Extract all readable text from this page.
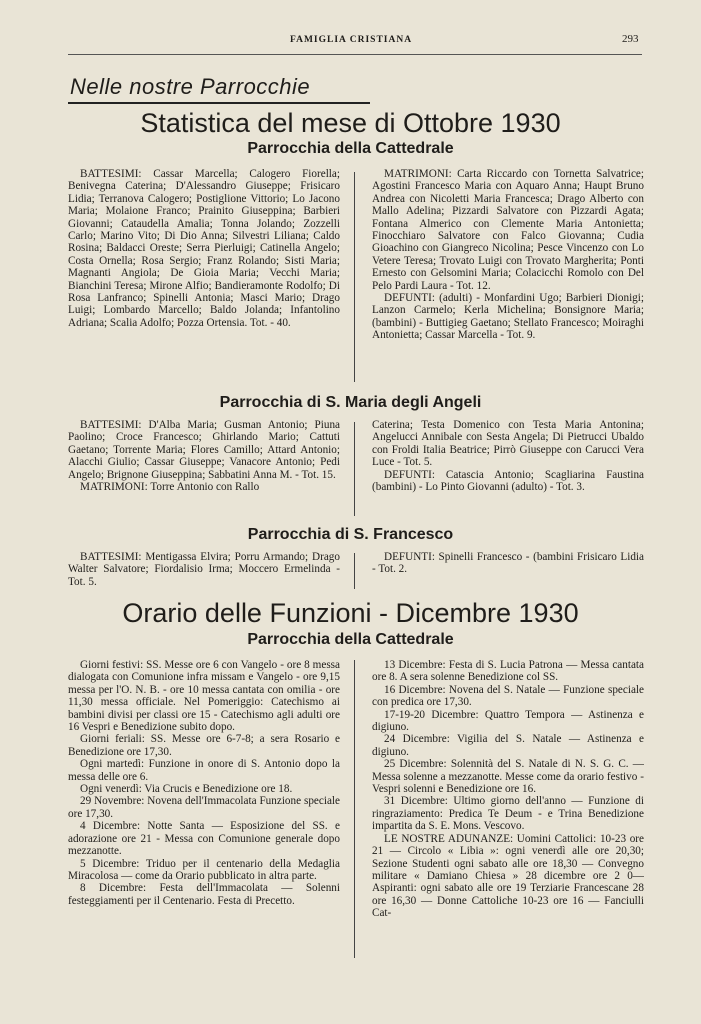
FAMIGLIA CRISTIANA	293
Nelle nostre Parrocchie
Statistica del mese di Ottobre 1930
Parrocchia della Cattedrale

BATTESIMI: Cassar Marcella; Calogero Fiorella; Benivegna Caterina; D'Alessandro Giuseppe; Frisicaro Lidia; Terranova Calogero; Postiglione Vittorio; Lo Jacono Maria; Molaione Franco; Prainito Giuseppina; Barbieri Giovanni; Cataudella Amalia; Tonna Jolando; Zozzelli Carlo; Marino Vito; Di Dio Anna; Silvestri Liliana; Caldo Rosina; Baldacci Oreste; Serra Pierluigi; Catinella Angelo; Costa Ornella; Rosa Sergio; Franz Rolando; Sisti Maria; Magnanti Angiola; De Gioia Maria; Vecchi Maria; Bianchini Teresa; Mirone Alfio; Bandieramonte Rodolfo; Di Rosa Lanfranco; Spinelli Antonia; Masci Mario; Drago Luigi; Lombardo Marcello; Baldo Jolanda; Infantolino Adriana; Scalia Adolfo; Pozza Ortensia. Tot. - 40.

MATRIMONI: Carta Riccardo con Tornetta Salvatrice; Agostini Francesco Maria con Aquaro Anna; Haupt Bruno Andrea con Nicoletti Maria Francesca; Drago Alberto con Mallo Adelina; Pizzardi Salvatore con Pizzardi Agata; Fontana Almerico con Clemente Maria Antonietta; Finocchiaro Salvatore con Falco Giovanna; Cudia Gioachino con Giangreco Nicolina; Pesce Vincenzo con Lo Vetere Teresa; Trovato Luigi con Trovato Margherita; Ponti Ernesto con Gelsomini Maria; Colacicchi Romolo con Del Pelo Pardi Laura - Tot. 12.

DEFUNTI: (adulti) - Monfardini Ugo; Barbieri Dionigi; Lanzon Carmelo; Kerla Michelina; Bonsignore Maria; (bambini) - Buttigieg Gaetano; Stellato Francesco; Moiraghi Antonietta; Cassar Marcella - Tot. 9.

Parrocchia di S. Maria degli Angeli

BATTESIMI: D'Alba Maria; Gusman Antonio; Piuna Paolino; Croce Francesco; Ghirlando Mario; Cattuti Gaetano; Torrente Maria; Flores Camillo; Attard Antonio; Alacchi Giulio; Cassar Giuseppe; Vanacore Antonio; Pedi Angelo; Brignone Giuseppina; Sabbatini Anna M. - Tot. 15.

MATRIMONI: Torre Antonio con Rallo

Caterina; Testa Domenico con Testa Maria Antonina; Angelucci Annibale con Sesta Angela; Di Pietrucci Ubaldo con Froldi Italia Beatrice; Pirrò Giuseppe con Carucci Vera Luce - Tot. 5.

DEFUNTI: Catascia Antonio; Scagliarina Faustina (bambini) - Lo Pinto Giovanni (adulto) - Tot. 3.

Parrocchia di S. Francesco

BATTESIMI: Mentigassa Elvira; Porru Armando; Drago Walter Salvatore; Fiordalisio Irma; Moccero Ermelinda - Tot. 5.

DEFUNTI: Spinelli Francesco - (bambini Frisicaro Lidia - Tot. 2.

Orario delle Funzioni - Dicembre 1930
Parrocchia della Cattedrale

Giorni festivi: SS. Messe ore 6 con Vangelo - ore 8 messa dialogata con Comunione infra missam e Vangelo - ore 9,15 messa per l'O. N. B. - ore 10 messa cantata con omilia - ore 11,30 messa officiale. Nel Pomeriggio: Catechismo ai bambini divisi per classi ore 15 - Catechismo agli adulti ore 16 Vespri e Benedizione subito dopo.

Giorni feriali: SS. Messe ore 6-7-8; a sera Rosario e Benedizione ore 17,30.

Ogni martedì: Funzione in onore di S. Antonio dopo la messa delle ore 6.

Ogni venerdì: Via Crucis e Benedizione ore 18.

29 Novembre: Novena dell'Immacolata Funzione speciale ore 17,30.

4 Dicembre: Notte Santa — Esposizione del SS. e adorazione ore 21 - Messa con Comunione generale dopo mezzanotte.

5 Dicembre: Triduo per il centenario della Medaglia Miracolosa — come da Orario pubblicato in altra parte.

8 Dicembre: Festa dell'Immacolata — Solenni festeggiamenti per il Centenario. Festa di Precetto.

13 Dicembre: Festa di S. Lucia Patrona — Messa cantata ore 8. A sera solenne Benedizione col SS.

16 Dicembre: Novena del S. Natale — Funzione speciale con predica ore 17,30.

17-19-20 Dicembre: Quattro Tempora — Astinenza e digiuno.

24 Dicembre: Vigilia del S. Natale — Astinenza e digiuno.

25 Dicembre: Solennità del S. Natale di N. S. G. C. — Messa solenne a mezzanotte. Messe come da orario festivo - Vespri solenni e Benedizione ore 16.

31 Dicembre: Ultimo giorno dell'anno — Funzione di ringraziamento: Predica Te Deum - e Trina Benedizione impartita da S. E. Mons. Vescovo.

LE NOSTRE ADUNANZE: Uomini Cattolici: 10-23 ore 21 — Circolo « Libia »: ogni venerdì alle ore 20,30; Sezione Studenti ogni sabato alle ore 18,30 — Convegno militare « Damiano Chiesa » 28 dicembre ore 2 0— Aspiranti: ogni sabato alle ore 19 Terziarie Francescane 28 ore 16,30 — Donne Cattoliche 10-23 ore 16 — Fanciulli Cat-
